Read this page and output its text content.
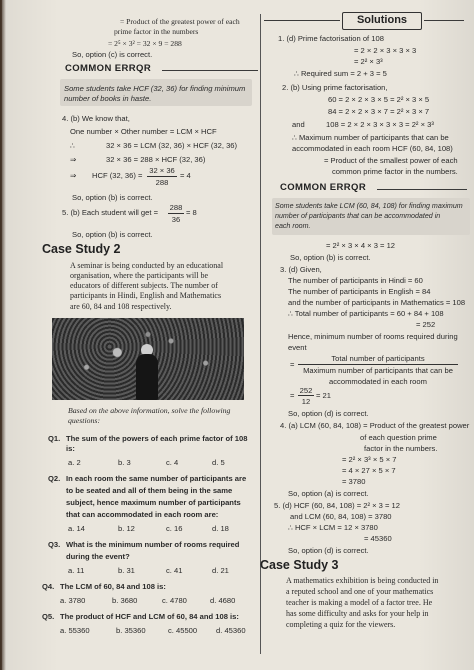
= Product of the greatest power of each
prime factor in the numbers
= 2⁵ × 3² = 32 × 9 = 288
So, option (c) is correct.
COMMON ERRQR
Some students take HCF (32, 36) for finding minimum
number of books in haste.
4. (b) We know that,
One number × Other number = LCM × HCF
∴	32 × 36 = LCM (32, 36) × HCF (32, 36)
⇒	32 × 36 = 288 × HCF (32, 36)
⇒ HCF (32, 36) =
32 × 36
288
= 4
So, option (b) is correct.
5. (b) Each student will get =
288
36
= 8
So, option (b) is correct.
Case Study 2
A seminar is being conducted by an educational
organisation, where the participants will be
educators of different subjects. The number of
participants in Hindi, English and Mathematics
are 60, 84 and 108 respectively.
Based on the above information, solve the following
questions:
Q1. The sum of the powers of each prime factor of 108
is:
a. 2	b. 3	c. 4	d. 5
Q2. In each room the same number of participants are
to be seated and all of them being in the same
subject, hence maximum number of participants
that can accommodated in each room are:
a. 14	b. 12	c. 16	d. 18
Q3. What is the minimum number of rooms required
during the event?
a. 11	b. 31	c. 41	d. 21
Q4. The LCM of 60, 84 and 108 is:
a. 3780	b. 3680	c. 4780	d. 4680
Q5. The product of HCF and LCM of 60, 84 and 108 is:
a. 55360	b. 35360	c. 45500 d. 45360
Solutions
1. (d) Prime factorisation of 108
= 2 × 2 × 3 × 3 × 3
= 2² × 3³
∴ Required sum = 2 + 3 = 5
2. (b) Using prime factorisation,
60 = 2 × 2 × 3 × 5 = 2² × 3 × 5
84 = 2 × 2 × 3 × 7 = 2² × 3 × 7
and	108 = 2 × 2 × 3 × 3 × 3 = 2² × 3³
∴ Maximum number of participants that can be
accommodated in each room HCF (60, 84, 108)
= Product of the smallest power of each
common prime factor in the numbers.
COMMON ERRQR
Some students take LCM (60, 84, 108) for finding maximum
number of participants that can be accommodated in
each room.
= 2² × 3 × 4 × 3 = 12
So, option (b) is correct.
3. (d) Given,
The number of participants in Hindi = 60
The number of participants in English = 84
and the number of participants in Mathematics = 108
∴ Total number of participants = 60 + 84 + 108
= 252
Hence, minimum number of rooms required during
event
=
Total number of participants
Maximum number of participants that can be
accommodated in each room
=
252
12
= 21
So, option (d) is correct.
4. (a) LCM (60, 84, 108) = Product of the greatest power
of each question prime
factor in the numbers.
= 2² × 3³ × 5 × 7
= 4 × 27 × 5 × 7
= 3780
So, option (a) is correct.
5. (d) HCF (60, 84, 108) = 2² × 3 = 12
and LCM (60, 84, 108) = 3780
∴ HCF × LCM = 12 × 3780
= 45360
So, option (d) is correct.
Case Study 3
A mathematics exhibition is being conducted in
a reputed school and one of your mathematics
teacher is making a model of a factor tree. He
has some difficulty and asks for your help in
completing a quiz for the viewers.
